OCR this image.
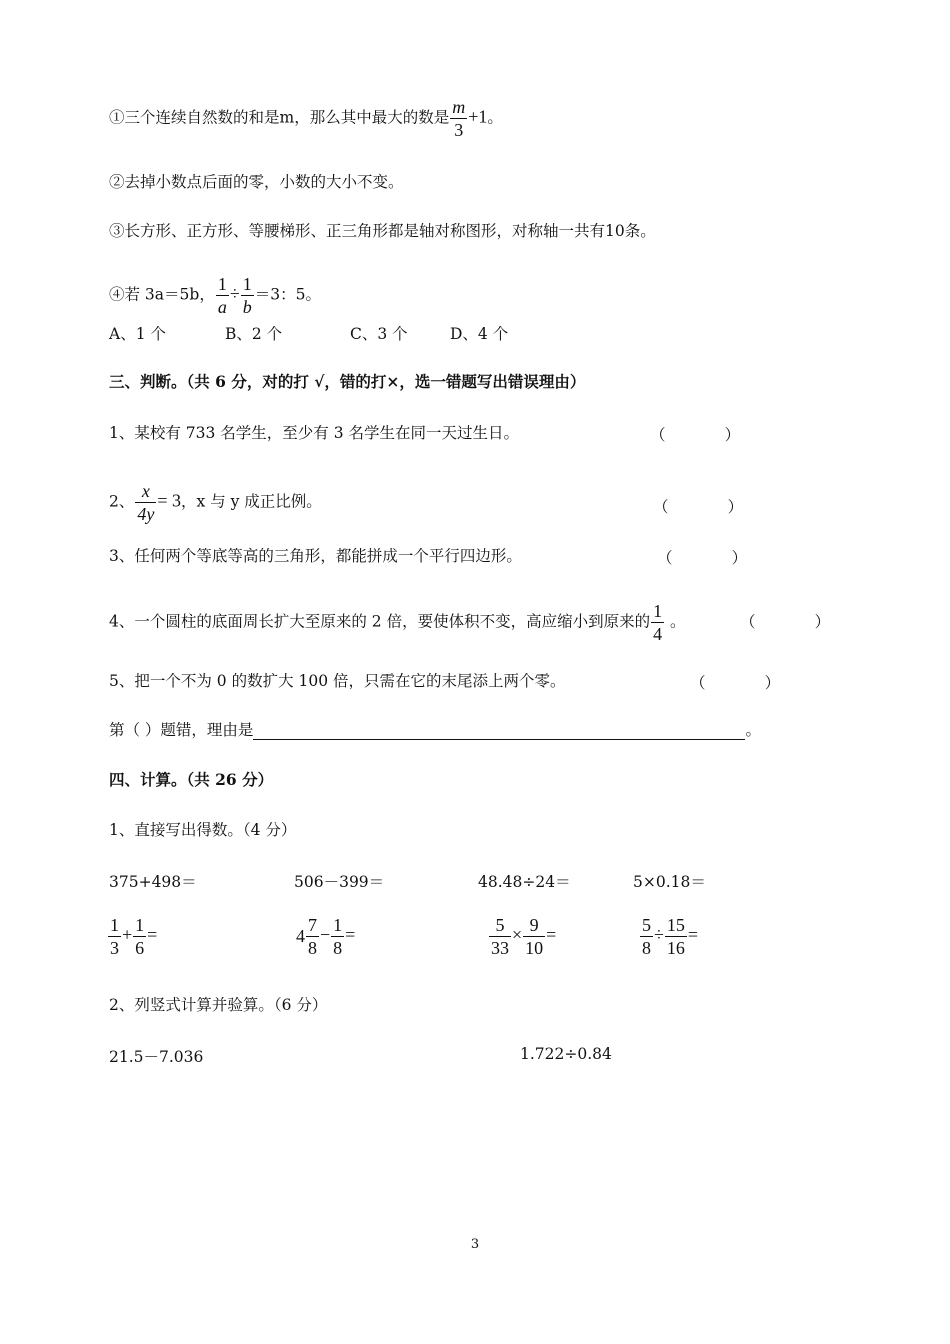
①三个连续自然数的和是m，那么其中最大的数是 $\frac{m}{3} +1$。
②去掉小数点后面的零，小数的大小不变。
③长方形、正方形、等腰梯形、正三角形都是轴对称图形，对称轴一共有10条。
④若 3a＝5b， $\frac{1}{a} \div \frac{1}{b} =3$：5。
A、1 个	B、2 个	C、3 个	D、4 个
三、判断。（共 6 分，对的打 √，错的打×，选一错题写出错误理由）
1、某校有 733 名学生，至少有 3 名学生在同一天过生日。	（            ）
2、 $\frac{x}{4y} = 3$，x 与 y 成正比例。	（            ）
3、任何两个等底等高的三角形，都能拼成一个平行四边形。	（            ）
4、一个圆柱的底面周长扩大至原来的 2 倍，要使体积不变，高应缩小到原来的 $\frac{1}{4}$ 。	（            ）
5、把一个不为 0 的数扩大 100 倍，只需在它的末尾添上两个零。	（            ）
第（ ）题错，理由是	。
四、计算。（共 26 分）
1、直接写出得数。（4 分）
375+498＝	506－399＝	48.48÷24＝	5×0.18＝
$\frac{1}{3} + \frac{1}{6}$ =	$4 \frac{7}{8} - \frac{1}{8}$ =	$\frac{5}{33} \times \frac{9}{10}$ =	$\frac{5}{8} \div \frac{15}{16}$ =
2、列竖式计算并验算。（6 分）
21.5－7.036	1.722÷0.84
3
